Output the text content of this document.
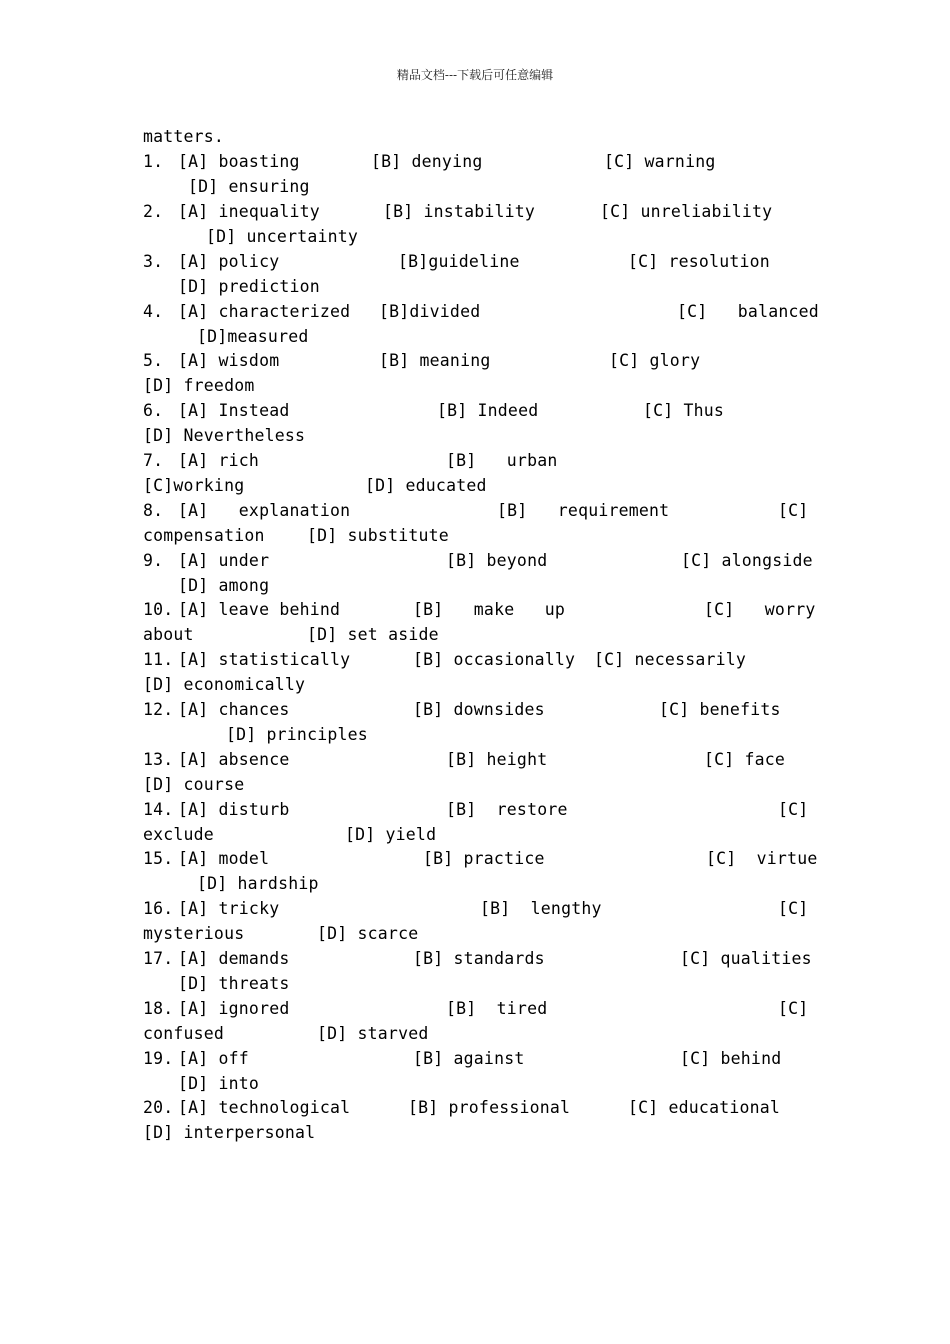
精品文档---下载后可任意编辑
matters.
1. [A] boasting	[B] denying	[C] warning
[D] ensuring
2. [A] inequality	[B] instability	[C] unreliability
[D] uncertainty
3. [A] policy	[B]guideline	[C] resolution
[D] prediction
4. [A] characterized [B]divided	[C]   balanced
[D]measured
5. [A] wisdom	[B] meaning	[C] glory
[D] freedom
6. [A] Instead	[B] Indeed	[C] Thus
[D] Nevertheless
7. [A] rich	[B]   urban
[C]working	[D] educated
8. [A]   explanation	[B]   requirement	[C]
compensation	[D] substitute
9. [A] under	[B] beyond	[C] alongside
[D] among
10. [A] leave behind	[B]   make   up	[C]   worry
about	[D] set aside
11. [A] statistically	[B] occasionally [C] necessarily
[D] economically
12. [A] chances	[B] downsides	[C] benefits
[D] principles
13. [A] absence	[B] height	[C] face
[D] course
14. [A] disturb	[B]  restore	[C]
exclude	[D] yield
15. [A] model	[B] practice	[C]  virtue
[D] hardship
16. [A] tricky	[B]  lengthy	[C]
mysterious	[D] scarce
17. [A] demands	[B] standards	[C] qualities
[D] threats
18. [A] ignored	[B]  tired	[C]
confused	[D] starved
19. [A] off	[B] against	[C] behind
[D] into
20. [A] technological	[B] professional	[C] educational
[D] interpersonal
